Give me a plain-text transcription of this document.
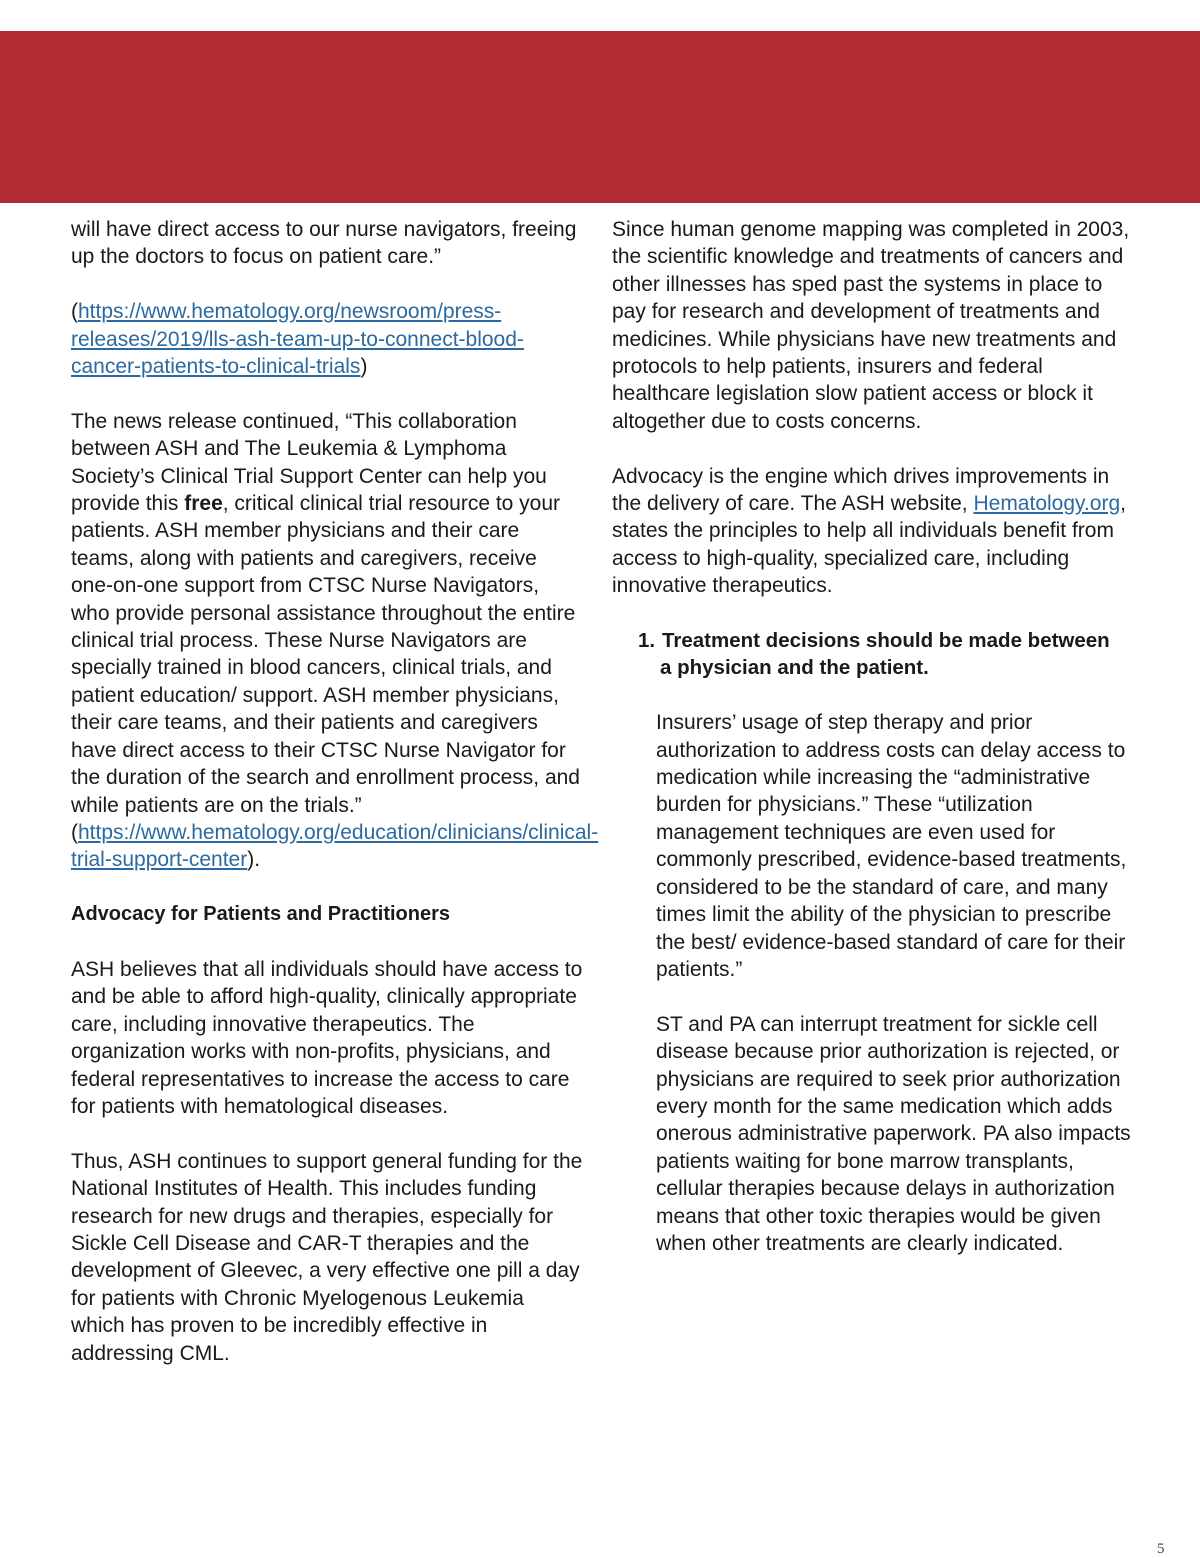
will have direct access to our nurse navigators, freeing up the doctors to focus on patient care.”

(https://www.hematology.org/newsroom/press-releases/2019/lls-ash-team-up-to-connect-blood-cancer-patients-to-clinical-trials)

The news release continued, “This collaboration between ASH and The Leukemia & Lymphoma Society’s Clinical Trial Support Center can help you provide this free, critical clinical trial resource to your patients. ASH member physicians and their care teams, along with patients and caregivers, receive one-on-one support from CTSC Nurse Navigators, who provide personal assistance throughout the entire clinical trial process. These Nurse Navigators are specially trained in blood cancers, clinical trials, and patient education/ support. ASH member physicians, their care teams, and their patients and caregivers have direct access to their CTSC Nurse Navigator for the duration of the search and enrollment process, and while patients are on the trials.” (https://www.hematology.org/education/clinicians/clinical-trial-support-center).

Advocacy for Patients and Practitioners

ASH believes that all individuals should have access to and be able to afford high-quality, clinically appropriate care, including innovative therapeutics. The organization works with non-profits, physicians, and federal representatives to increase the access to care for patients with hematological diseases.

Thus, ASH continues to support general funding for the National Institutes of Health. This includes funding research for new drugs and therapies, especially for Sickle Cell Disease and CAR-T therapies and the development of Gleevec, a very effective one pill a day for patients with Chronic Myelogenous Leukemia which has proven to be incredibly effective in addressing CML.

Since human genome mapping was completed in 2003, the scientific knowledge and treatments of cancers and other illnesses has sped past the systems in place to pay for research and development of treatments and medicines. While physicians have new treatments and protocols to help patients, insurers and federal healthcare legislation slow patient access or block it altogether due to costs concerns.

Advocacy is the engine which drives improvements in the delivery of care. The ASH website, Hematology.org, states the principles to help all individuals benefit from access to high-quality, specialized care, including innovative therapeutics.

1. Treatment decisions should be made between
a physician and the patient.

Insurers’ usage of step therapy and prior authorization to address costs can delay access to medication while increasing the “administrative burden for physicians.” These “utilization management techniques are even used for commonly prescribed, evidence-based treatments, considered to be the standard of care, and many times limit the ability of the physician to prescribe the best/ evidence-based standard of care for their patients.”

ST and PA can interrupt treatment for sickle cell disease because prior authorization is rejected, or physicians are required to seek prior authorization every month for the same medication which adds onerous administrative paperwork. PA also impacts patients waiting for bone marrow transplants, cellular therapies because delays in authorization means that other toxic therapies would be given when other treatments are clearly indicated.

5
